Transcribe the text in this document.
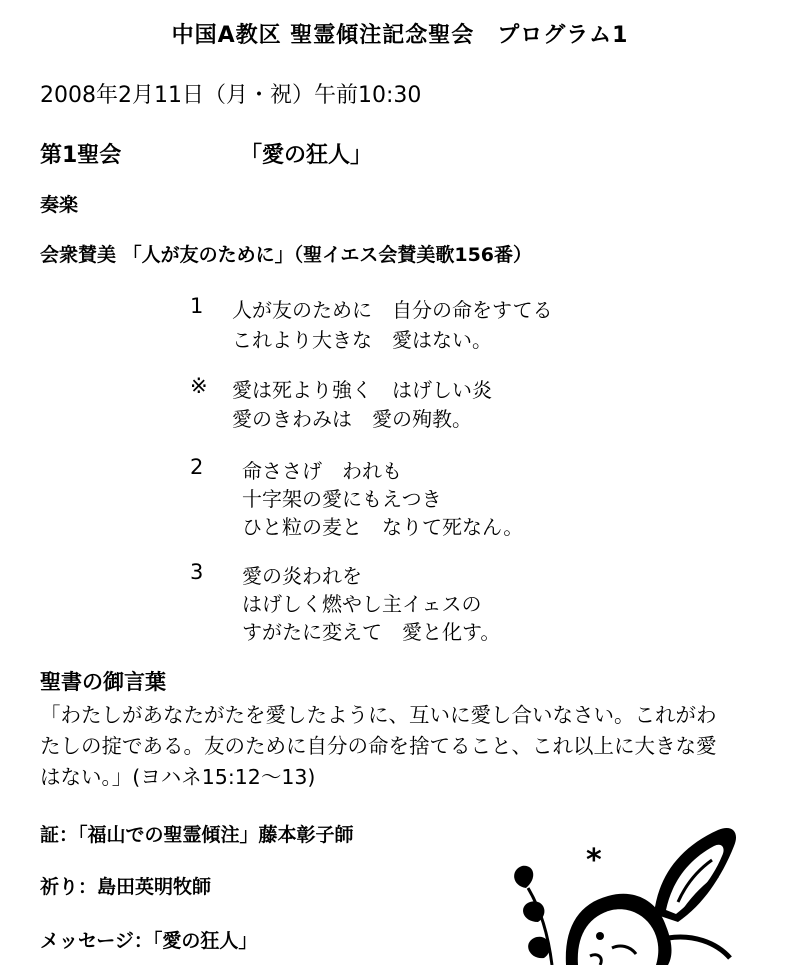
中国A教区 聖霊傾注記念聖会　プログラム1
2008年2月11日（月・祝）午前10:30
第1聖会	「愛の狂人」
奏楽
会衆賛美 「人が友のために」（聖イエス会賛美歌156番）
1 人が友のために　自分の命をすてる
これより大きな　愛はない。
※ 愛は死より強く　はげしい炎
愛のきわみは　愛の殉教。
2 命ささげ　われも
十字架の愛にもえつき
ひと粒の麦と　なりて死なん。
3 愛の炎われを
はげしく燃やし主イェスの
すがたに変えて　愛と化す。
聖書の御言葉
「わたしがあなたがたを愛したように、互いに愛し合いなさい。これがわ
たしの掟である。友のために自分の命を捨てること、これ以上に大きな愛
はない。」(ヨハネ15:12〜13)
証：「福山での聖霊傾注」藤本彰子師
祈り：島田英明牧師
メッセージ：「愛の狂人」
*
